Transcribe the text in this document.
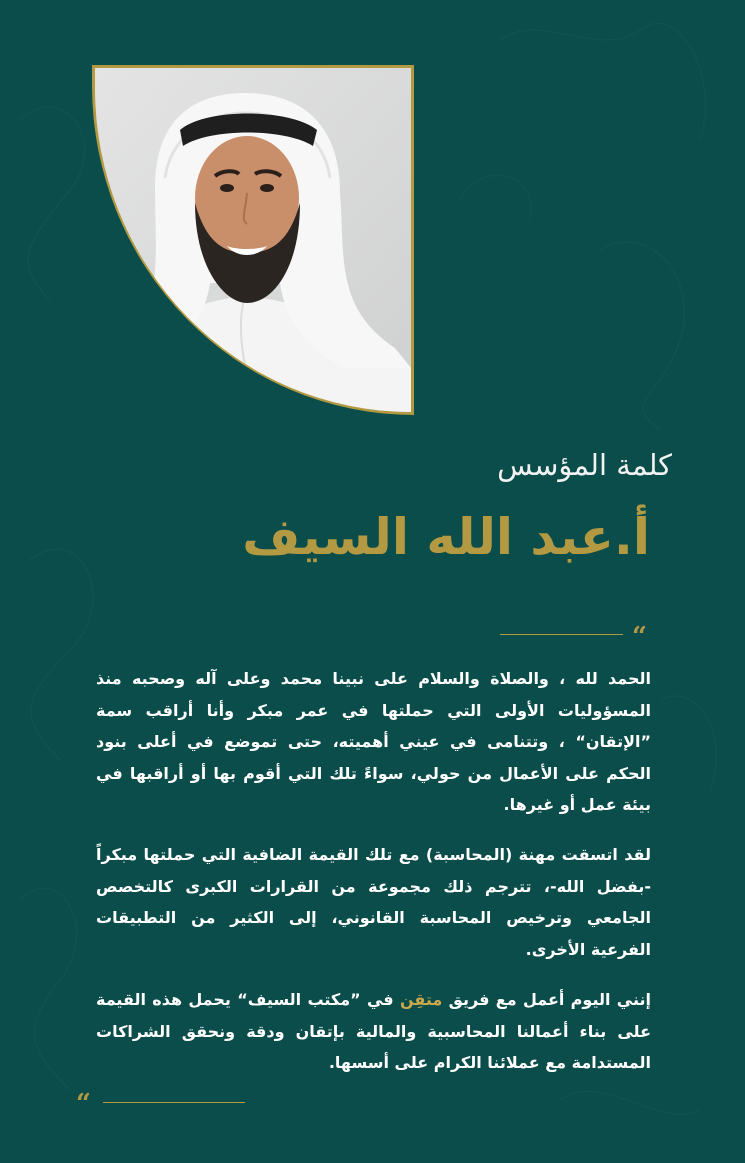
كلمة المؤسس
أ.عبد الله السيف
“
الحمد لله ، والصلاة والسلام على نبينا محمد وعلى آله وصحبه منذ المسؤوليات الأولى التي حملتها في عمر مبكر وأنا أراقب سمة ”الإتقان“ ، وتتنامى في عيني أهميته، حتى تموضع في أعلى بنود الحكم على الأعمال من حولي، سواءً تلك التي أقوم بها أو أراقبها في بيئة عمل أو غيرها.
لقد اتسقت مهنة (المحاسبة) مع تلك القيمة الضافية التي حملتها مبكراً -بفضل الله-، تترجم ذلك مجموعة من القرارات الكبرى كالتخصص الجامعي وترخيص المحاسبة القانوني، إلى الكثير من التطبيقات الفرعية الأخرى.
إنني اليوم أعمل مع فريق متقِن في ”مكتب السيف“ يحمل هذه القيمة على بناء أعمالنا المحاسبية والمالية بإتقان ودقة ونحقق الشراكات المستدامة مع عملائنا الكرام على أسسها.
“
